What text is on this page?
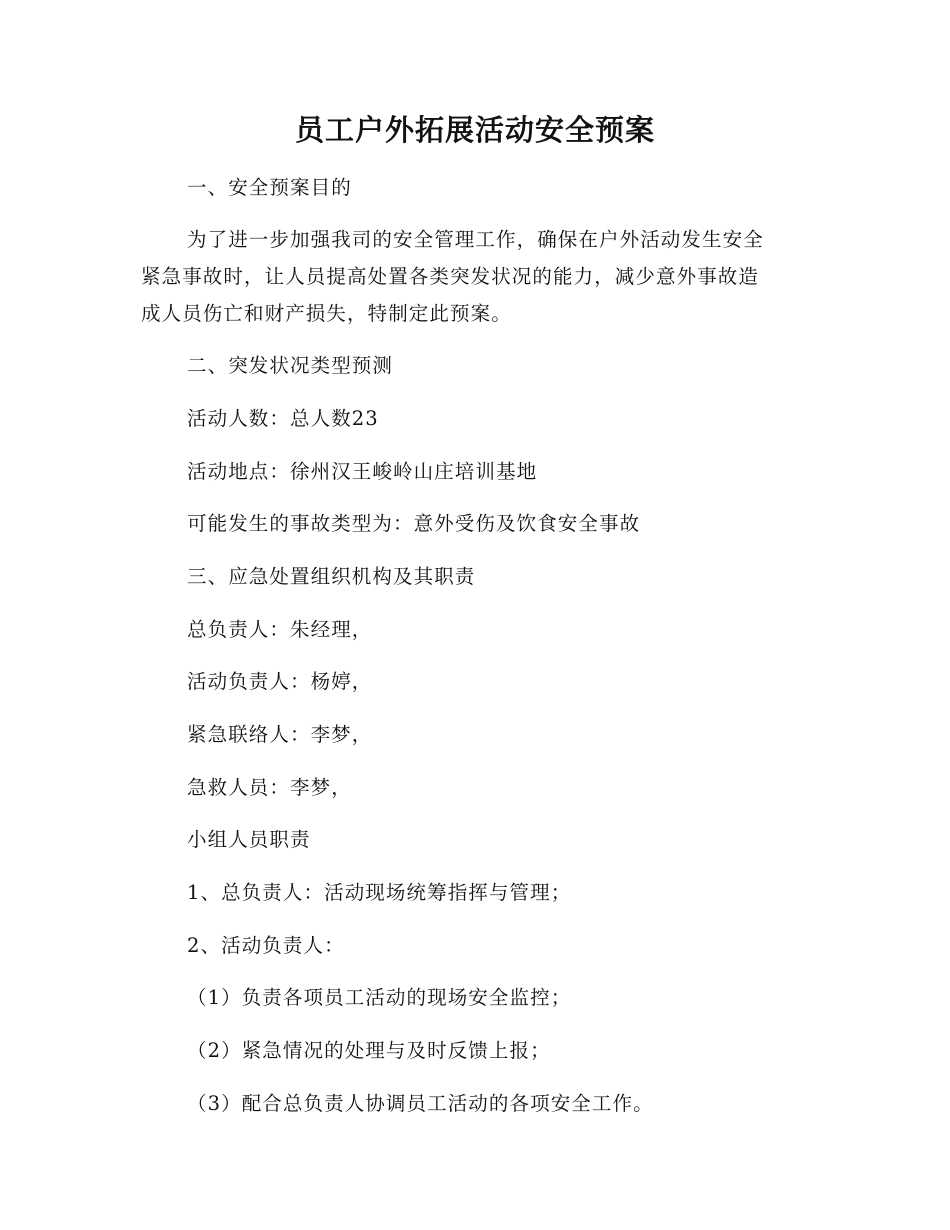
员工户外拓展活动安全预案
一、安全预案目的
为了进一步加强我司的安全管理工作，确保在户外活动发生安全
紧急事故时，让人员提高处置各类突发状况的能力，减少意外事故造
成人员伤亡和财产损失，特制定此预案。
二、突发状况类型预测
活动人数：总人数23
活动地点：徐州汉王峻岭山庄培训基地
可能发生的事故类型为：意外受伤及饮食安全事故
三、应急处置组织机构及其职责
总负责人：朱经理，
活动负责人：杨婷，
紧急联络人：李梦，
急救人员：李梦，
小组人员职责
1、总负责人：活动现场统筹指挥与管理；
2、活动负责人：
（1）负责各项员工活动的现场安全监控；
（2）紧急情况的处理与及时反馈上报；
（3）配合总负责人协调员工活动的各项安全工作。
